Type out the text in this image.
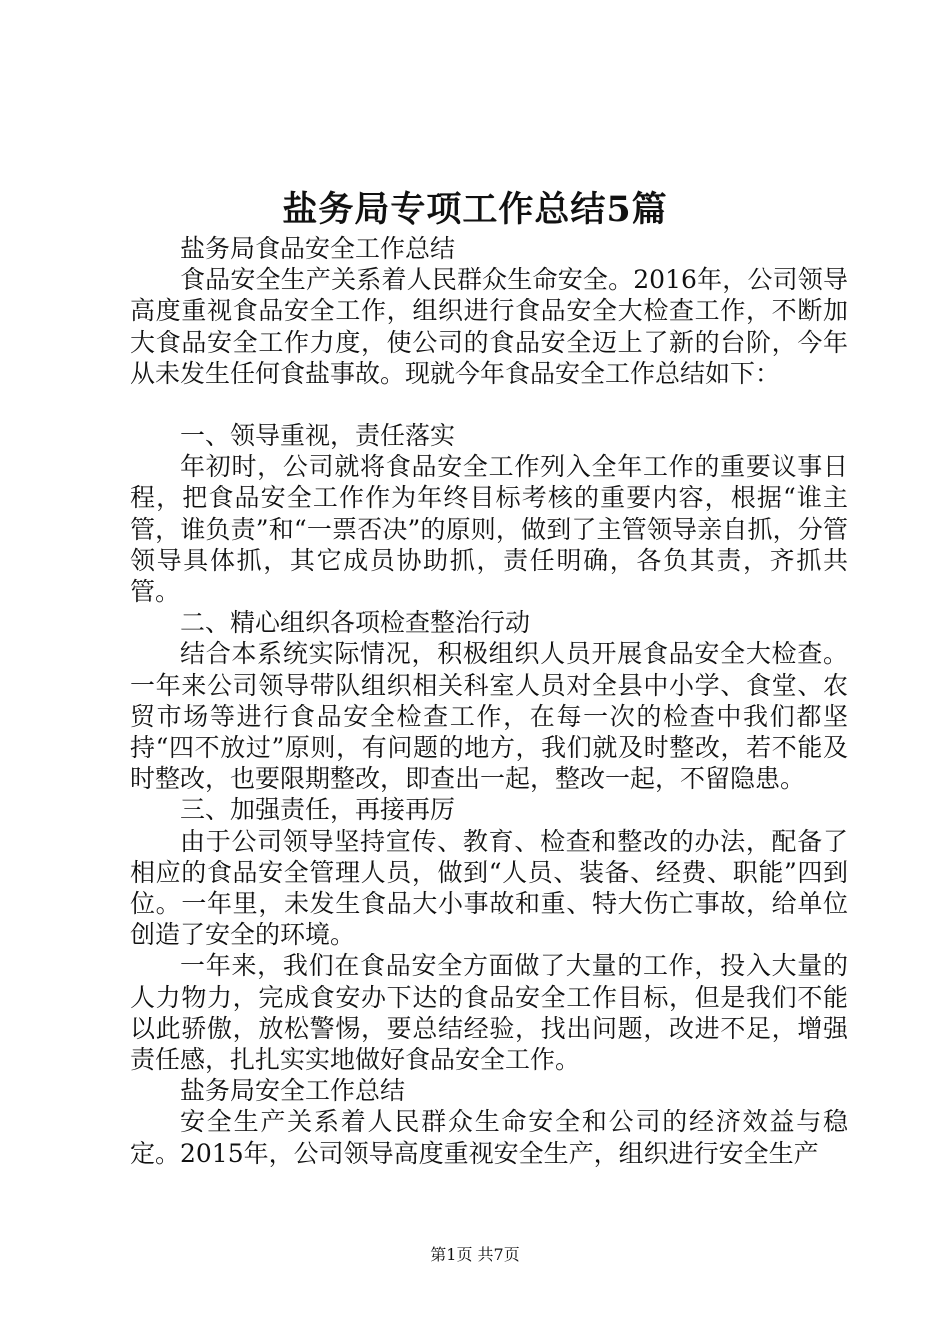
盐务局专项工作总结5篇

盐务局食品安全工作总结

食品安全生产关系着人民群众生命安全。2016年，公司领导高度重视食品安全工作，组织进行食品安全大检查工作，不断加大食品安全工作力度，使公司的食品安全迈上了新的台阶，今年从未发生任何食盐事故。现就今年食品安全工作总结如下：

一、领导重视，责任落实

年初时，公司就将食品安全工作列入全年工作的重要议事日程，把食品安全工作作为年终目标考核的重要内容，根据“谁主管，谁负责”和“一票否决”的原则，做到了主管领导亲自抓，分管领导具体抓，其它成员协助抓，责任明确，各负其责，齐抓共管。

二、精心组织各项检查整治行动

结合本系统实际情况，积极组织人员开展食品安全大检查。一年来公司领导带队组织相关科室人员对全县中小学、食堂、农贸市场等进行食品安全检查工作，在每一次的检查中我们都坚持“四不放过”原则，有问题的地方，我们就及时整改，若不能及时整改，也要限期整改，即查出一起，整改一起，不留隐患。

三、加强责任，再接再厉

由于公司领导坚持宣传、教育、检查和整改的办法，配备了相应的食品安全管理人员，做到“人员、装备、经费、职能”四到位。一年里，未发生食品大小事故和重、特大伤亡事故，给单位创造了安全的环境。

一年来，我们在食品安全方面做了大量的工作，投入大量的人力物力，完成食安办下达的食品安全工作目标，但是我们不能以此骄傲，放松警惕，要总结经验，找出问题，改进不足，增强责任感，扎扎实实地做好食品安全工作。

盐务局安全工作总结

安全生产关系着人民群众生命安全和公司的经济效益与稳定。2015年，公司领导高度重视安全生产，组织进行安全生产

第1页 共7页
